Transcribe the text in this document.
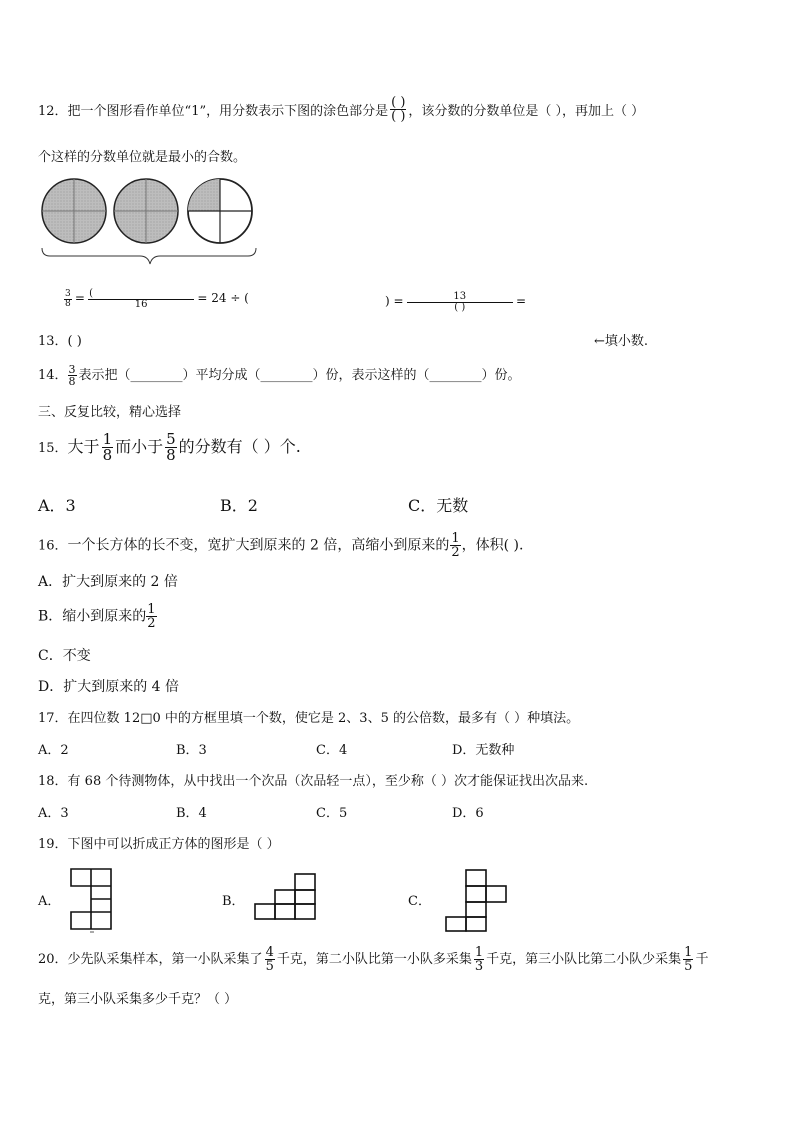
12．把一个图形看作单位“1”，用分数表示下图的涂色部分是 $\frac{( )}{( )}$ ，该分数的分数单位是（ ），再加上（ ）
个这样的分数单位就是最小的合数。
$\frac{3}{8} = \frac{(}{16} = 24$ ÷ (	) = $\frac{13}{( )}$ =
13．( )	←填小数.
14． $\frac{3}{8}$ 表示把（________）平均分成（________）份，表示这样的（________）份。
三、反复比较，精心选择
15．大于 $\frac{1}{8}$ 而小于 $\frac{5}{8}$ 的分数有（ ）个.
A．3	B．2	C．无数
16．一个长方体的长不变，宽扩大到原来的 2 倍，高缩小到原来的 $\frac{1}{2}$ ，体积( ).
A．扩大到原来的 2 倍
B．缩小到原来的 $\frac{1}{2}$
C．不变
D．扩大到原来的 4 倍
17．在四位数 12□0 中的方框里填一个数，使它是 2、3、5 的公倍数，最多有（ ）种填法。
A．2	B．3	C．4	D．无数种
18．有 68 个待测物体，从中找出一个次品（次品轻一点），至少称（ ）次才能保证找出次品来.
A．3	B．4	C．5	D．6
19．下图中可以折成正方体的图形是（ ）
A．	B．	C．
20．少先队采集样本，第一小队采集了 $\frac{4}{5}$ 千克，第二小队比第一小队多采集 $\frac{1}{3}$ 千克，第三小队比第二小队少采集 $\frac{1}{5}$ 千
克，第三小队采集多少千克？（ ）
